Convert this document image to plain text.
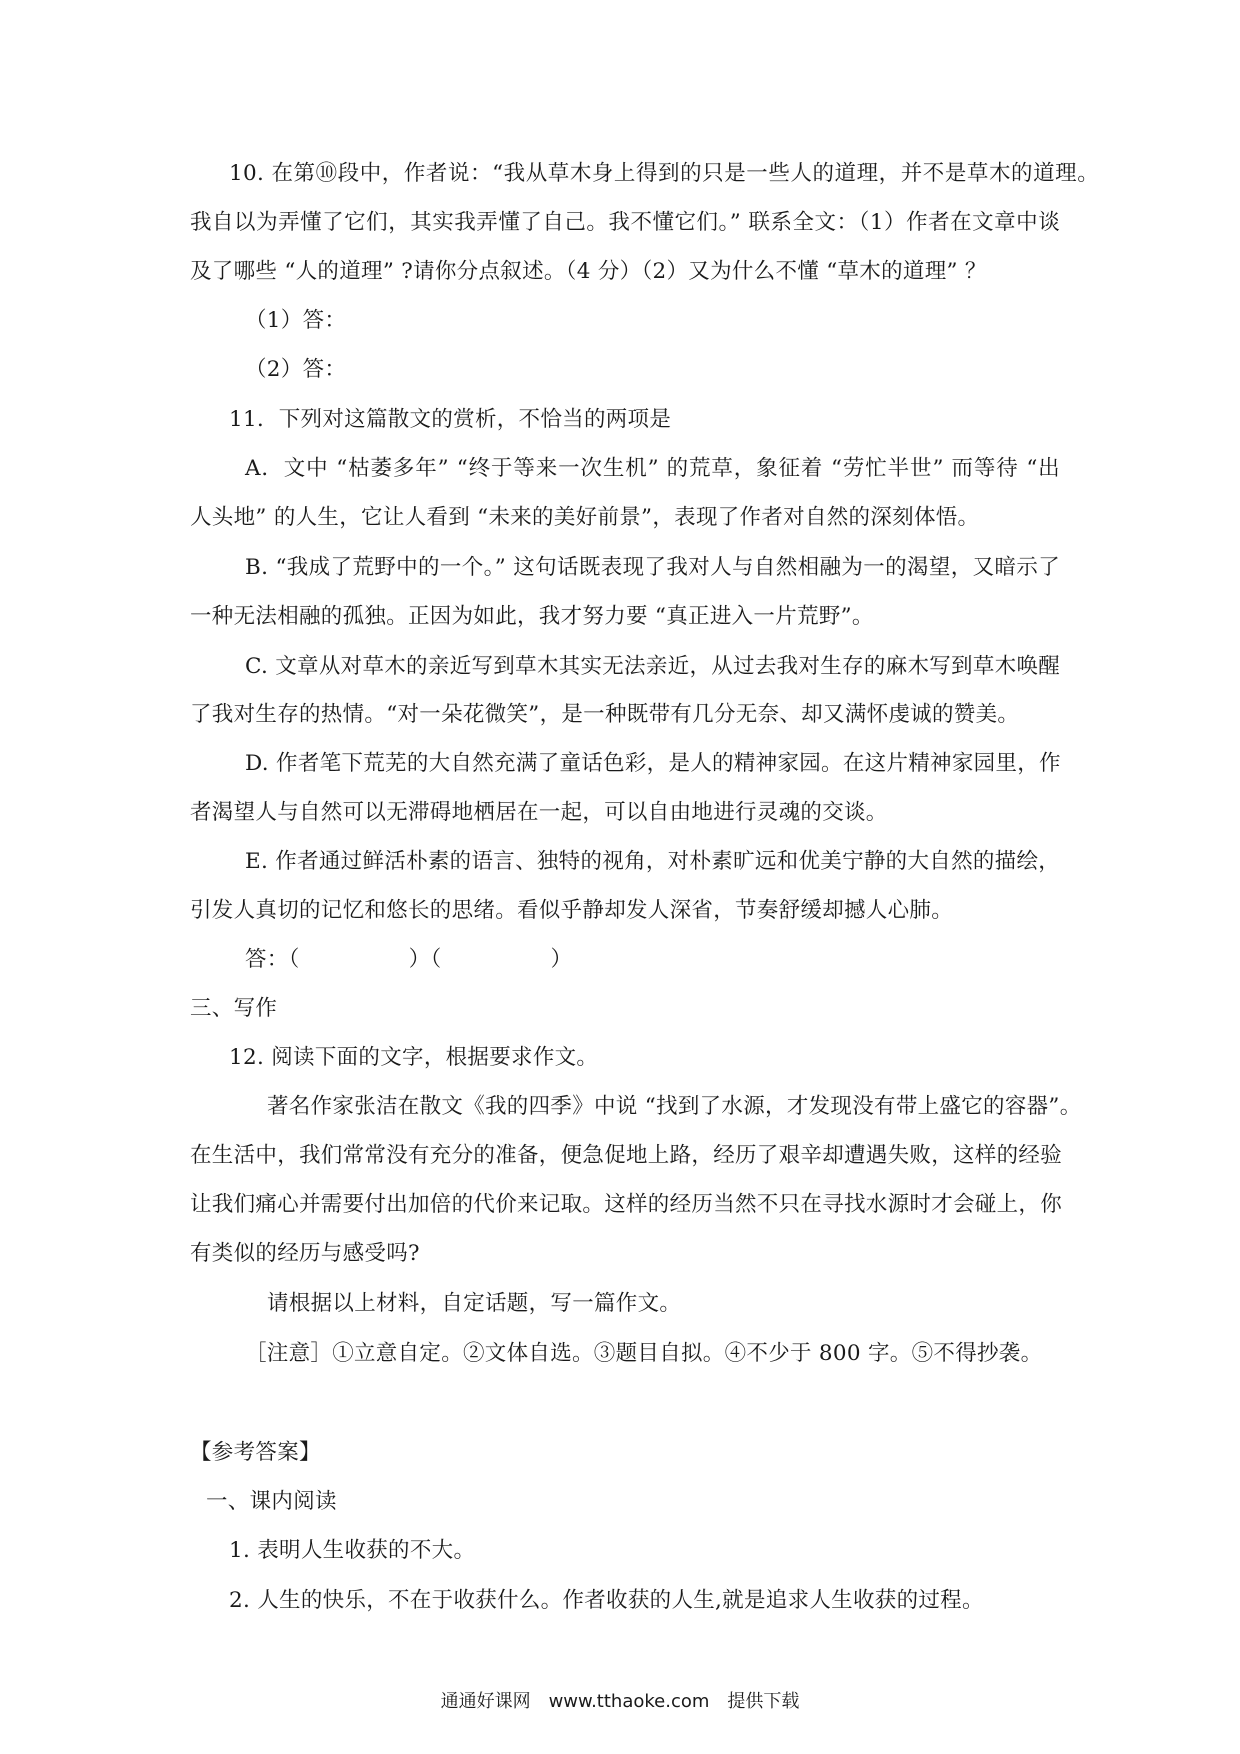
10. 在第⑩段中，作者说：“我从草木身上得到的只是一些人的道理，并不是草木的道理。
我自以为弄懂了它们，其实我弄懂了自己。我不懂它们。” 联系全文：（1）作者在文章中谈
及了哪些 “人的道理” ?请你分点叙述。（4 分）（2）又为什么不懂 “草木的道理” ？
（1）答：
（2）答：
11．下列对这篇散文的赏析，不恰当的两项是
A．文中 “枯萎多年” “终于等来一次生机” 的荒草，象征着 “劳忙半世” 而等待 “出
人头地” 的人生，它让人看到 “未来的美好前景”，表现了作者对自然的深刻体悟。
B. “我成了荒野中的一个。” 这句话既表现了我对人与自然相融为一的渴望，又暗示了
一种无法相融的孤独。正因为如此，我才努力要 “真正进入一片荒野”。
C. 文章从对草木的亲近写到草木其实无法亲近，从过去我对生存的麻木写到草木唤醒
了我对生存的热情。“对一朵花微笑”，是一种既带有几分无奈、却又满怀虔诚的赞美。
D. 作者笔下荒芜的大自然充满了童话色彩，是人的精神家园。在这片精神家园里，作
者渴望人与自然可以无滞碍地栖居在一起，可以自由地进行灵魂的交谈。
E. 作者通过鲜活朴素的语言、独特的视角，对朴素旷远和优美宁静的大自然的描绘，
引发人真切的记忆和悠长的思绪。看似乎静却发人深省，节奏舒缓却撼人心肺。
答：（　　　　　）（　　　　　）
三、写作
12. 阅读下面的文字，根据要求作文。
著名作家张洁在散文《我的四季》中说 “找到了水源，才发现没有带上盛它的容器”。
在生活中，我们常常没有充分的准备，便急促地上路，经历了艰辛却遭遇失败，这样的经验
让我们痛心并需要付出加倍的代价来记取。这样的经历当然不只在寻找水源时才会碰上，你
有类似的经历与感受吗?
请根据以上材料，自定话题，写一篇作文。
［注意］①立意自定。②文体自选。③题目自拟。④不少于 800 字。⑤不得抄袭。
【参考答案】
一、课内阅读
1. 表明人生收获的不大。
2. 人生的快乐，不在于收获什么。作者收获的人生,就是追求人生收获的过程。
通通好课网　www.tthaoke.com　提供下载
